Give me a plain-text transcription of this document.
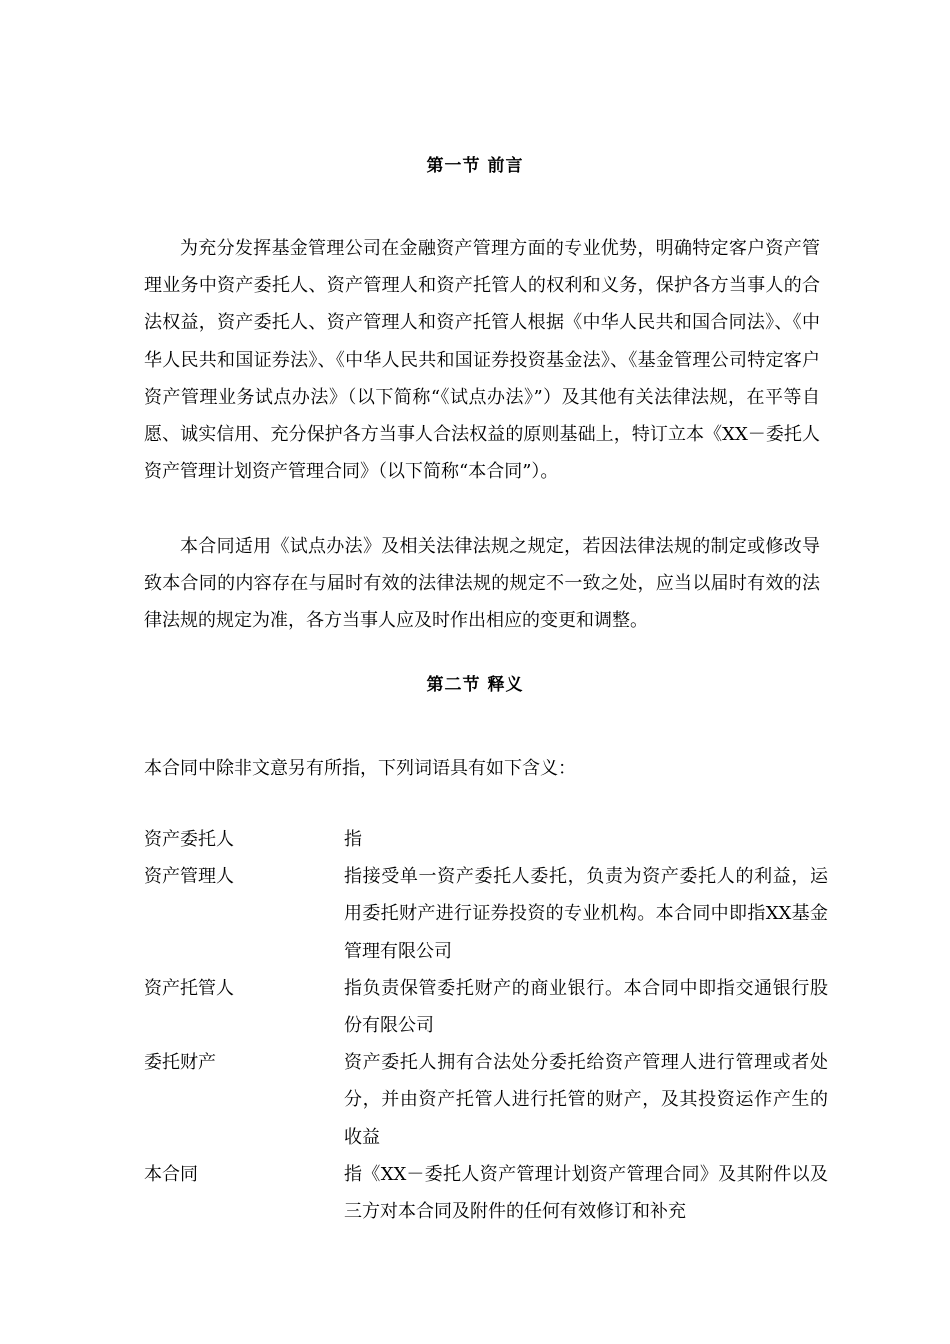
第一节 前言

为充分发挥基金管理公司在金融资产管理方面的专业优势，明确特定客户资产管理业务中资产委托人、资产管理人和资产托管人的权利和义务，保护各方当事人的合法权益，资产委托人、资产管理人和资产托管人根据《中华人民共和国合同法》、《中华人民共和国证券法》、《中华人民共和国证券投资基金法》、《基金管理公司特定客户资产管理业务试点办法》（以下简称“《试点办法》”）及其他有关法律法规，在平等自愿、诚实信用、充分保护各方当事人合法权益的原则基础上，特订立本《XX－委托人资产管理计划资产管理合同》（以下简称“本合同”）。

本合同适用《试点办法》及相关法律法规之规定，若因法律法规的制定或修改导致本合同的内容存在与届时有效的法律法规的规定不一致之处，应当以届时有效的法律法规的规定为准，各方当事人应及时作出相应的变更和调整。

第二节 释义

本合同中除非文意另有所指，下列词语具有如下含义：

资产委托人	指
资产管理人	指接受单一资产委托人委托，负责为资产委托人的利益，运用委托财产进行证券投资的专业机构。本合同中即指XX基金管理有限公司
资产托管人	指负责保管委托财产的商业银行。本合同中即指交通银行股份有限公司
委托财产	资产委托人拥有合法处分委托给资产管理人进行管理或者处分，并由资产托管人进行托管的财产，及其投资运作产生的收益
本合同	指《XX－委托人资产管理计划资产管理合同》及其附件以及三方对本合同及附件的任何有效修订和补充
